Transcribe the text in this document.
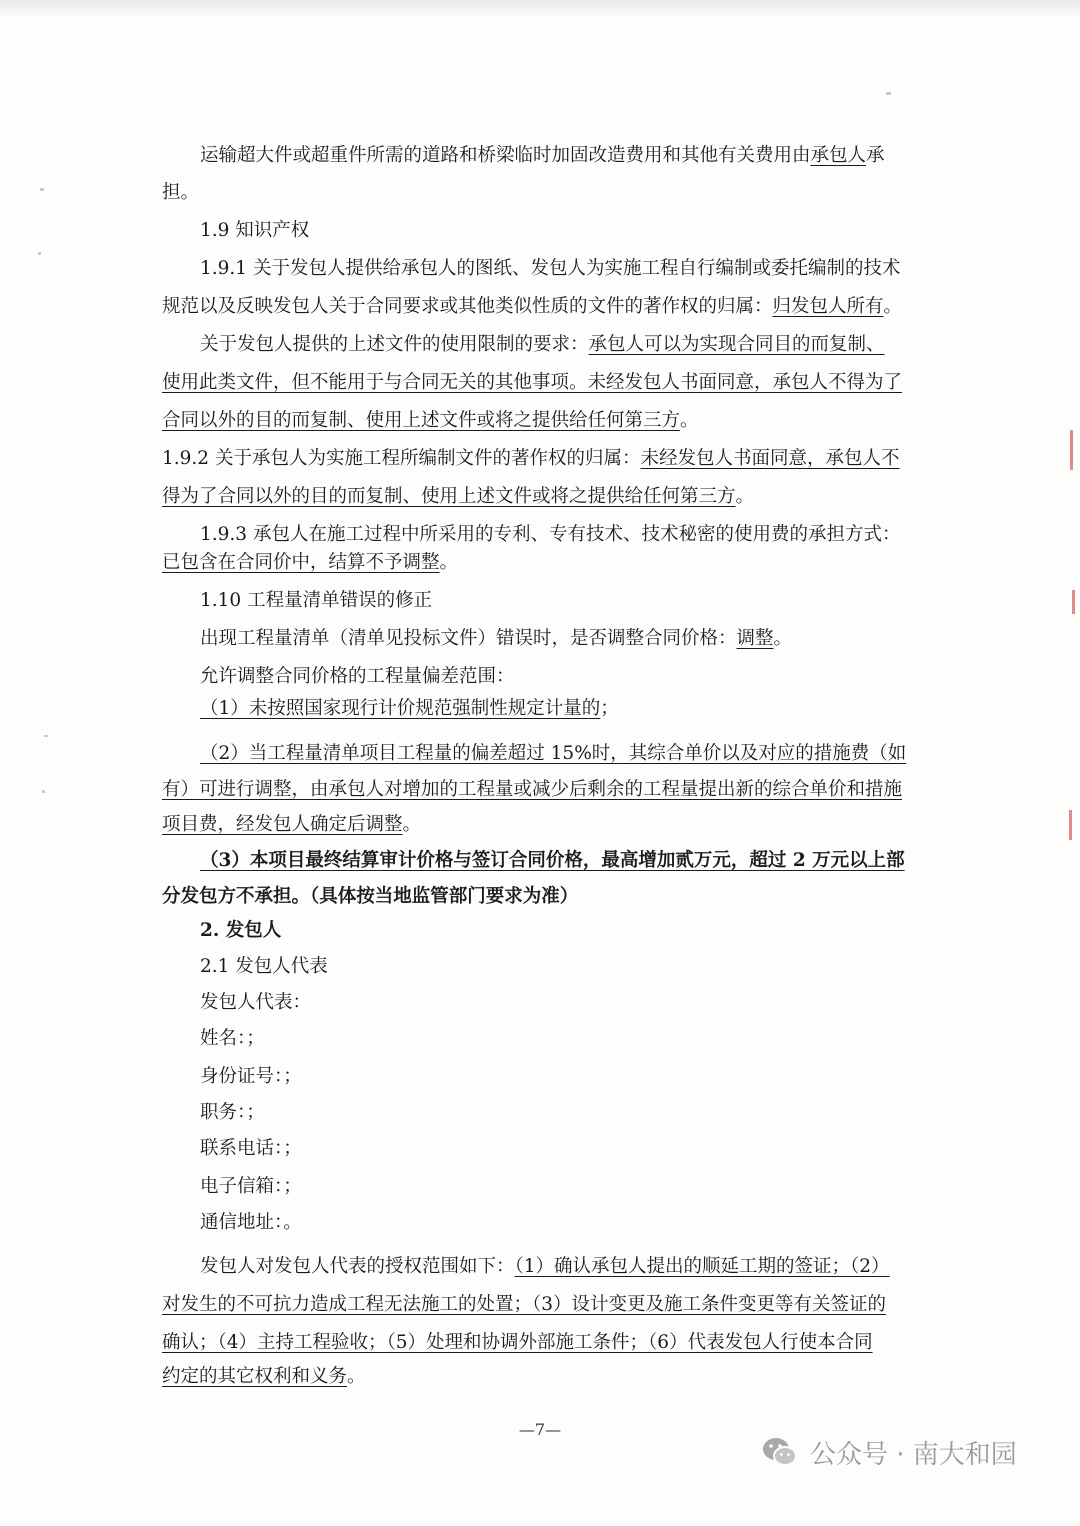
运输超大件或超重件所需的道路和桥梁临时加固改造费用和其他有关费用由承包人承
担。
1.9 知识产权
1.9.1 关于发包人提供给承包人的图纸、发包人为实施工程自行编制或委托编制的技术
规范以及反映发包人关于合同要求或其他类似性质的文件的著作权的归属：归发包人所有。
关于发包人提供的上述文件的使用限制的要求：承包人可以为实现合同目的而复制、
使用此类文件，但不能用于与合同无关的其他事项。未经发包人书面同意，承包人不得为了
合同以外的目的而复制、使用上述文件或将之提供给任何第三方。
1.9.2 关于承包人为实施工程所编制文件的著作权的归属：未经发包人书面同意，承包人不
得为了合同以外的目的而复制、使用上述文件或将之提供给任何第三方。
1.9.3 承包人在施工过程中所采用的专利、专有技术、技术秘密的使用费的承担方式：
已包含在合同价中，结算不予调整。
1.10 工程量清单错误的修正
出现工程量清单（清单见投标文件）错误时，是否调整合同价格：调整。
允许调整合同价格的工程量偏差范围：
（1）未按照国家现行计价规范强制性规定计量的；
（2）当工程量清单项目工程量的偏差超过 15%时，其综合单价以及对应的措施费（如
有）可进行调整，由承包人对增加的工程量或减少后剩余的工程量提出新的综合单价和措施
项目费，经发包人确定后调整。
（3）本项目最终结算审计价格与签订合同价格，最高增加贰万元，超过 2 万元以上部
分发包方不承担。（具体按当地监管部门要求为准）
2. 发包人
2.1 发包人代表
发包人代表：
姓名：；
身份证号：；
职务：；
联系电话：；
电子信箱：；
通信地址：。
发包人对发包人代表的授权范围如下：（1）确认承包人提出的顺延工期的签证；（2）
对发生的不可抗力造成工程无法施工的处置；（3）设计变更及施工条件变更等有关签证的
确认；（4）主持工程验收；（5）处理和协调外部施工条件；（6）代表发包人行使本合同
约定的其它权利和义务。
—7—
公众号 · 南大和园
